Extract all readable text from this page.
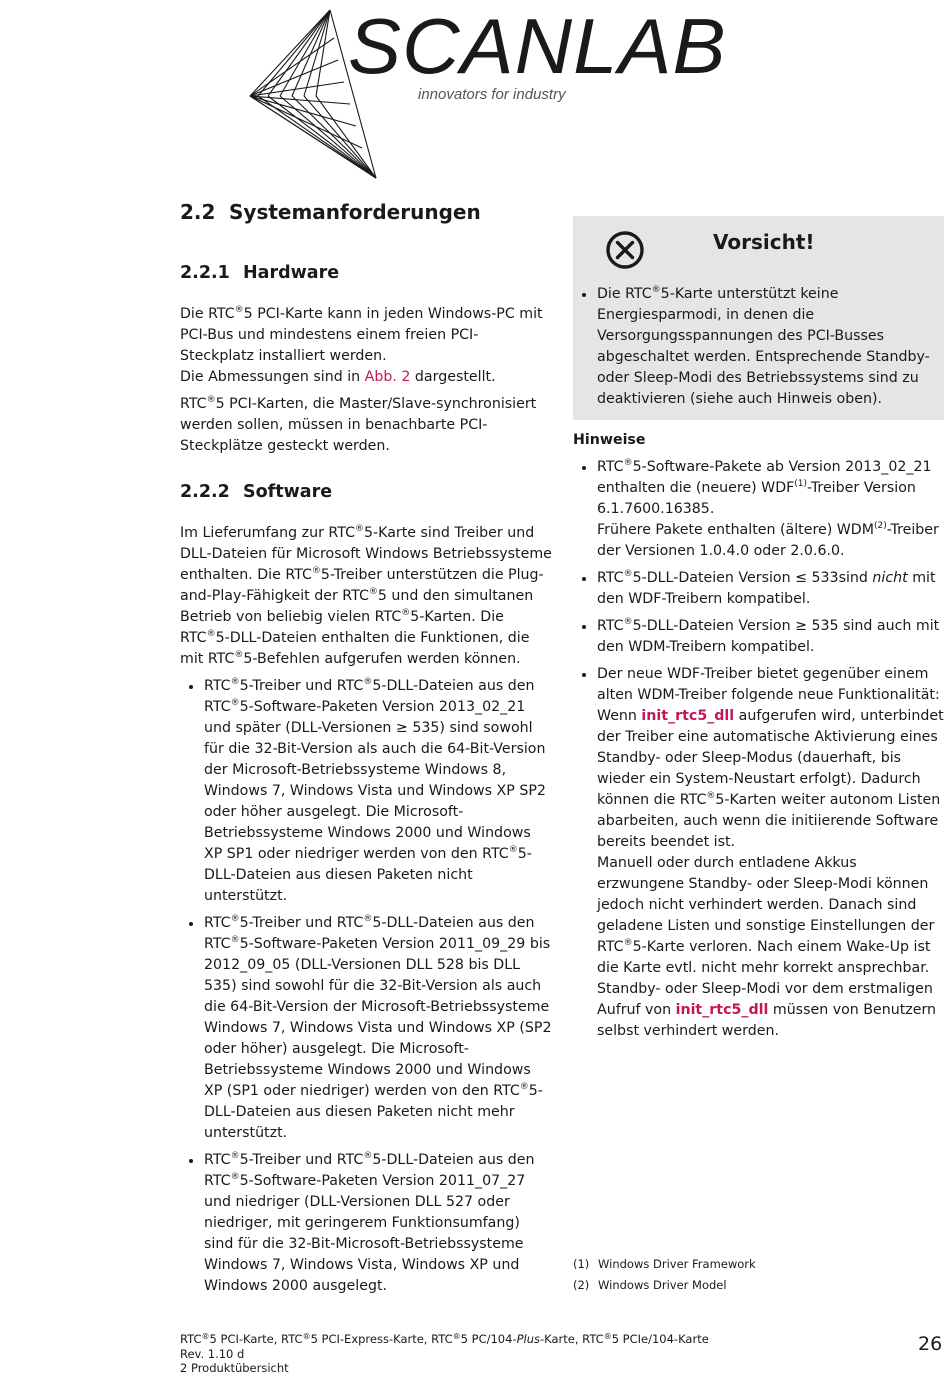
SCANLAB
innovators for industry
2.2 Systemanforderungen
2.2.1 Hardware

Die RTC®5 PCI-Karte kann in jeden Windows-PC mit PCI-Bus und mindestens einem freien PCI-Steckplatz installiert werden.
Die Abmessungen sind in Abb. 2 dargestellt.

RTC®5 PCI-Karten, die Master/Slave-synchronisiert werden sollen, müssen in benachbarte PCI-Steckplätze gesteckt werden.

2.2.2 Software

Im Lieferumfang zur RTC®5-Karte sind Treiber und DLL-Dateien für Microsoft Windows Betriebssysteme enthalten. Die RTC®5-Treiber unterstützen die Plug-and-Play-Fähigkeit der RTC®5 und den simultanen Betrieb von beliebig vielen RTC®5-Karten. Die RTC®5-DLL-Dateien enthalten die Funktionen, die mit RTC®5-Befehlen aufgerufen werden können.

RTC®5-Treiber und RTC®5-DLL-Dateien aus den RTC®5-Software-Paketen Version 2013_02_21 und später (DLL-Versionen ≥ 535) sind sowohl für die 32-Bit-Version als auch die 64-Bit-Version der Microsoft-Betriebssysteme Windows 8, Windows 7, Windows Vista und Windows XP SP2 oder höher ausgelegt. Die Microsoft-Betriebssysteme Windows 2000 und Windows XP SP1 oder niedriger werden von den RTC®5-DLL-Dateien aus diesen Paketen nicht unterstützt.
RTC®5-Treiber und RTC®5-DLL-Dateien aus den RTC®5-Software-Paketen Version 2011_09_29 bis 2012_09_05 (DLL-Versionen DLL 528 bis DLL 535) sind sowohl für die 32-Bit-Version als auch die 64-Bit-Version der Microsoft-Betriebssysteme Windows 7, Windows Vista und Windows XP (SP2 oder höher) ausgelegt. Die Microsoft-Betriebssysteme Windows 2000 und Windows XP (SP1 oder niedriger) werden von den RTC®5-DLL-Dateien aus diesen Paketen nicht mehr unterstützt.
RTC®5-Treiber und RTC®5-DLL-Dateien aus den RTC®5-Software-Paketen Version 2011_07_27 und niedriger (DLL-Versionen DLL 527 oder niedriger, mit geringerem Funktionsumfang) sind für die 32-Bit-Microsoft-Betriebssysteme Windows 7, Windows Vista, Windows XP und Windows 2000 ausgelegt.
Vorsicht!
Die RTC®5-Karte unterstützt keine Energiesparmodi, in denen die Versorgungsspannungen des PCI-Busses abgeschaltet werden. Entsprechende Standby- oder Sleep-Modi des Betriebssystems sind zu deaktivieren (siehe auch Hinweis oben).

Hinweise

RTC®5-Software-Pakete ab Version 2013_02_21 enthalten die (neuere) WDF$^{(1)}$-Treiber Version 6.1.7600.16385.
Frühere Pakete enthalten (ältere) WDM$^{(2)}$-Treiber der Versionen 1.0.4.0 oder 2.0.6.0.
RTC®5-DLL-Dateien Version ≤ 533sind nicht mit den WDF-Treibern kompatibel.
RTC®5-DLL-Dateien Version ≥ 535 sind auch mit den WDM-Treibern kompatibel.
Der neue WDF-Treiber bietet gegenüber einem alten WDM-Treiber folgende neue Funktionalität: Wenn init_rtc5_dll aufgerufen wird, unterbindet der Treiber eine automatische Aktivierung eines Standby- oder Sleep-Modus (dauerhaft, bis wieder ein System-Neustart erfolgt). Dadurch können die RTC®5-Karten weiter autonom Listen abarbeiten, auch wenn die initiierende Software bereits beendet ist.
Manuell oder durch entladene Akkus erzwungene Standby- oder Sleep-Modi können jedoch nicht verhindert werden. Danach sind geladene Listen und sonstige Einstellungen der RTC®5-Karte verloren. Nach einem Wake-Up ist die Karte evtl. nicht mehr korrekt ansprechbar. Standby- oder Sleep-Modi vor dem erstmaligen Aufruf von init_rtc5_dll müssen von Benutzern selbst verhindert werden.
(1) Windows Driver Framework
(2) Windows Driver Model
RTC®5 PCI-Karte, RTC®5 PCI-Express-Karte, RTC®5 PC/104-Plus-Karte, RTC®5 PCIe/104-Karte
Rev. 1.10 d
2 Produktübersicht
26
